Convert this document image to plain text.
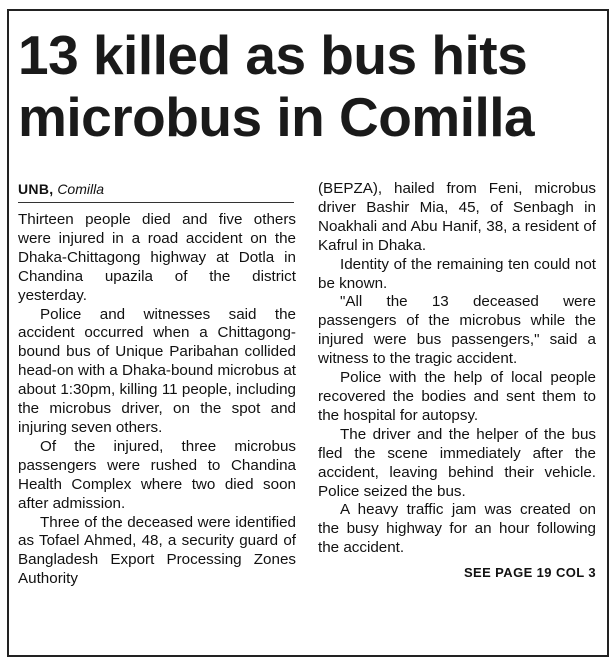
13 killed as bus hits
microbus in Comilla
UNB, Comilla

Thirteen people died and five others were injured in a road accident on the Dhaka-Chittagong highway at Dotla in Chandina upazila of the district yesterday.

Police and witnesses said the accident occurred when a Chittagong-bound bus of Unique Paribahan collided head-on with a Dhaka-bound microbus at about 1:30pm, killing 11 people, including the microbus driver, on the spot and injuring seven others.

Of the injured, three microbus passengers were rushed to Chandina Health Complex where two died soon after admission.

Three of the deceased were identified as Tofael Ahmed, 48, a security guard of Bangladesh Export Processing Zones Authority

(BEPZA), hailed from Feni, microbus driver Bashir Mia, 45, of Senbagh in Noakhali and Abu Hanif, 38, a resident of Kafrul in Dhaka.

Identity of the remaining ten could not be known.

"All the 13 deceased were passengers of the microbus while the injured were bus passengers," said a witness to the tragic accident.

Police with the help of local people recovered the bodies and sent them to the hospital for autopsy.

The driver and the helper of the bus fled the scene immediately after the accident, leaving behind their vehicle. Police seized the bus.

A heavy traffic jam was created on the busy highway for an hour following the accident.

SEE PAGE 19 COL 3
